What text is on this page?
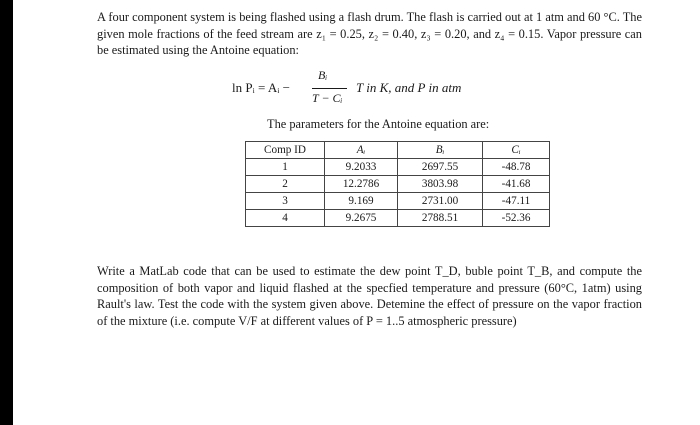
A four component system is being flashed using a flash drum. The flash is carried out at 1 atm and 60 °C. The given mole fractions of the feed stream are z₁ = 0.25, z₂ = 0.40, z₃ = 0.20, and z₄ = 0.15. Vapor pressure can be estimated using the Antoine equation:

ln Pᵢ = Aᵢ −
Bᵢ
T − Cᵢ
T in K, and P in atm

The parameters for the Antoine equation are:

Comp ID	Aᵢ	Bᵢ	Cᵢ
1	9.2033	2697.55	-48.78
2	12.2786	3803.98	-41.68
3	9.169	2731.00	-47.11
4	9.2675	2788.51	-52.36

Write a MatLab code that can be used to estimate the dew point T_D, buble point T_B, and compute the composition of both vapor and liquid flashed at the specfied temperature and pressure (60°C, 1atm) using Rault's law. Test the code with the system given above. Detemine the effect of pressure on the vapor fraction of the mixture (i.e. compute V/F at different values of P = 1..5 atmospheric pressure)
